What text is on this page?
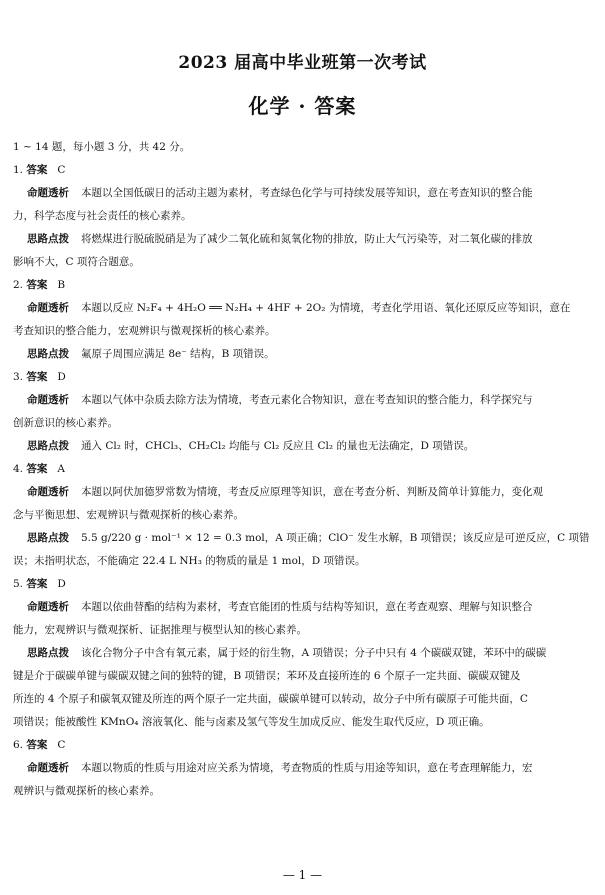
2023 届高中毕业班第一次考试
化学 · 答案

1 ~ 14 题，每小题 3 分，共 42 分。

1. 答案 C

命题透析 本题以全国低碳日的活动主题为素材，考查绿色化学与可持续发展等知识，意在考查知识的整合能

力，科学态度与社会责任的核心素养。

思路点拨 将燃煤进行脱硫脱硝是为了减少二氧化硫和氮氧化物的排放，防止大气污染等，对二氧化碳的排放

影响不大，C 项符合题意。

2. 答案 B

命题透析 本题以反应 N₂F₄ + 4H₂O ══ N₂H₄ + 4HF + 2O₂ 为情境，考查化学用语、氧化还原反应等知识，意在

考查知识的整合能力，宏观辨识与微观探析的核心素养。

思路点拨 氟原子周围应满足 8e⁻ 结构，B 项错误。

3. 答案 D

命题透析 本题以气体中杂质去除方法为情境，考查元素化合物知识，意在考查知识的整合能力，科学探究与

创新意识的核心素养。

思路点拨 通入 Cl₂ 时，CHCl₃、CH₂Cl₂ 均能与 Cl₂ 反应且 Cl₂ 的量也无法确定，D 项错误。

4. 答案 A

命题透析 本题以阿伏加德罗常数为情境，考查反应原理等知识，意在考查分析、判断及简单计算能力，变化观

念与平衡思想、宏观辨识与微观探析的核心素养。

思路点拨 5.5 g/220 g · mol⁻¹ × 12 = 0.3 mol，A 项正确；ClO⁻ 发生水解，B 项错误；该反应是可逆反应，C 项错

误；未指明状态，不能确定 22.4 L NH₃ 的物质的量是 1 mol，D 项错误。

5. 答案 D

命题透析 本题以依曲替酯的结构为素材，考查官能团的性质与结构等知识，意在考查观察、理解与知识整合

能力，宏观辨识与微观探析、证据推理与模型认知的核心素养。

思路点拨 该化合物分子中含有氧元素，属于烃的衍生物，A 项错误；分子中只有 4 个碳碳双键，苯环中的碳碳

键是介于碳碳单键与碳碳双键之间的独特的键，B 项错误；苯环及直接所连的 6 个原子一定共面、碳碳双键及

所连的 4 个原子和碳氧双键及所连的两个原子一定共面，碳碳单键可以转动，故分子中所有碳原子可能共面，C

项错误；能被酸性 KMnO₄ 溶液氧化、能与卤素及氢气等发生加成反应、能发生取代反应，D 项正确。

6. 答案 C

命题透析 本题以物质的性质与用途对应关系为情境，考查物质的性质与用途等知识，意在考查理解能力，宏

观辨识与微观探析的核心素养。

— 1 —
